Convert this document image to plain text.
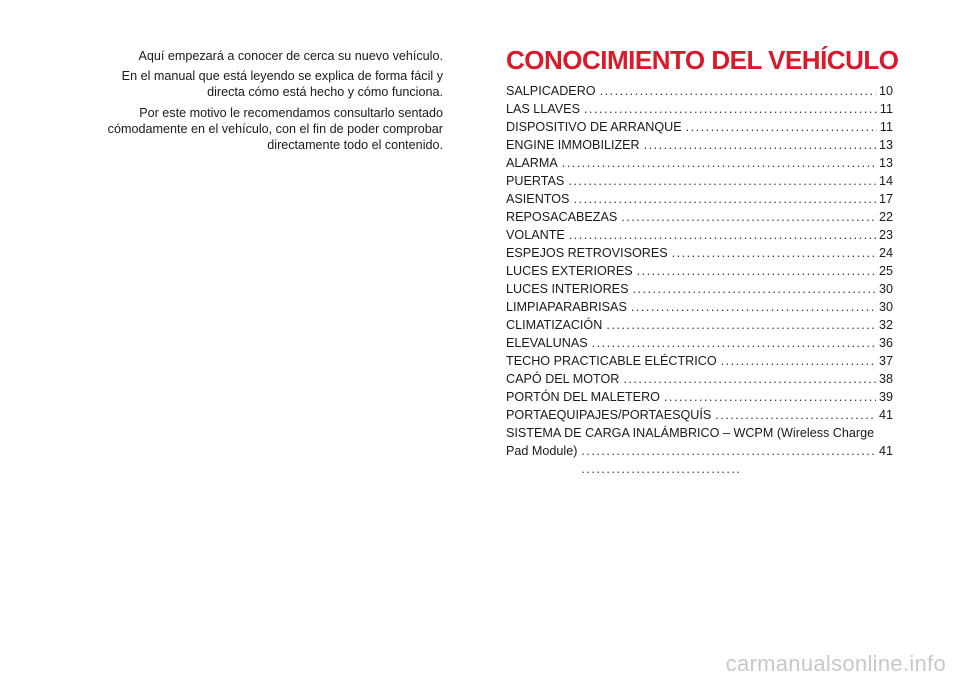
Aquí empezará a conocer de cerca su nuevo vehículo.

En el manual que está leyendo se explica de forma fácil y directa cómo está hecho y cómo funciona.

Por este motivo le recomendamos consultarlo sentado cómodamente en el vehículo, con el fin de poder comprobar directamente todo el contenido.

CONOCIMIENTO DEL VEHÍCULO
SALPICADERO . . .	10
LAS LLAVES . . .	11
DISPOSITIVO DE ARRANQUE . . .	11
ENGINE IMMOBILIZER . . .	13
ALARMA . . .	13
PUERTAS . . .	14
ASIENTOS . . .	17
REPOSACABEZAS . . .	22
VOLANTE . . .	23
ESPEJOS RETROVISORES . . .	24
LUCES EXTERIORES . . .	25
LUCES INTERIORES . . .	30
LIMPIAPARABRISAS . . .	30
CLIMATIZACIÓN . . .	32
ELEVALUNAS . . .	36
TECHO PRACTICABLE ELÉCTRICO . . .	37
CAPÓ DEL MOTOR . . .	38
PORTÓN DEL MALETERO . . .	39
PORTAEQUIPAJES/PORTAESQUÍS . . .	41
SISTEMA DE CARGA INALÁMBRICO – WCPM (Wireless Charge
Pad Module) . . .	41
carmanualsonline.info
